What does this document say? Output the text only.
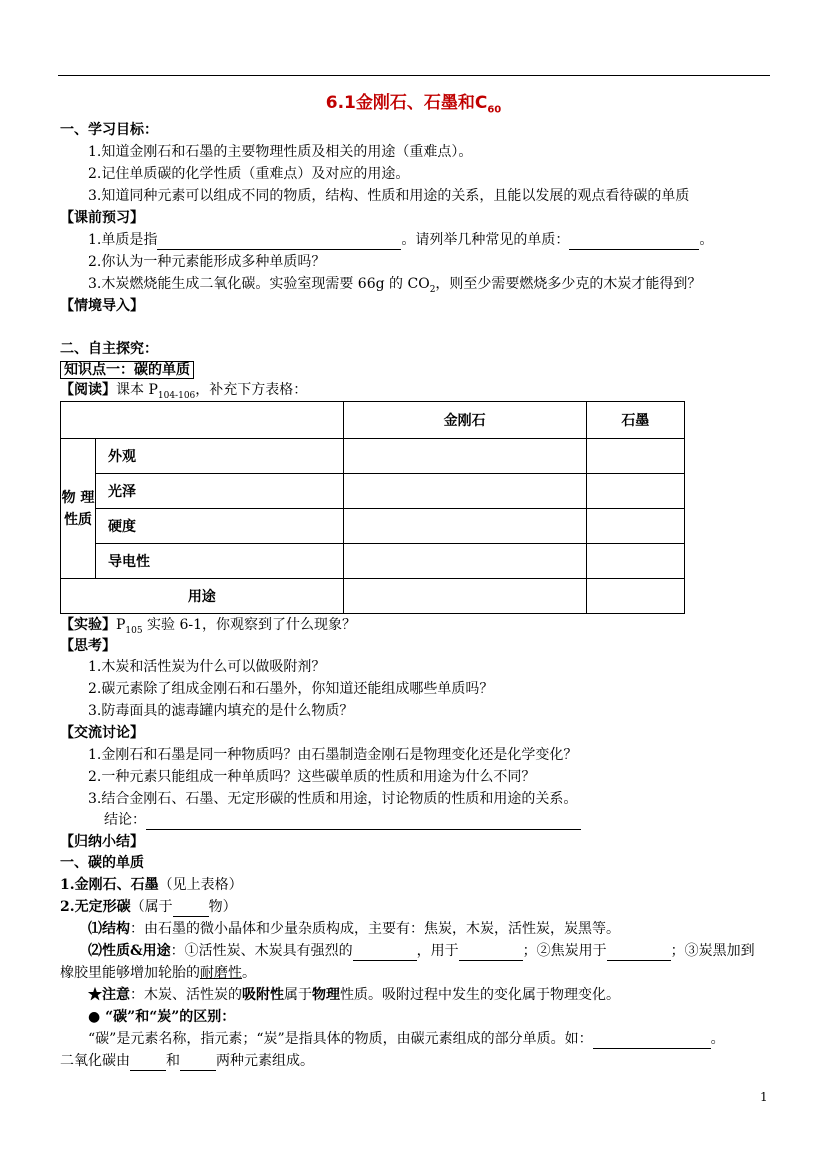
6.1金刚石、石墨和$C_{60}$
一、学习目标：
1.知道金刚石和石墨的主要物理性质及相关的用途（重难点）。
2.记住单质碳的化学性质（重难点）及对应的用途。
3.知道同种元素可以组成不同的物质，结构、性质和用途的关系，且能以发展的观点看待碳的单质
【课前预习】
1.单质是指	。请列举几种常见的单质：	。
2.你认为一种元素能形成多种单质吗？
3.木炭燃烧能生成二氧化碳。实验室现需要 66g 的 $CO_2$，则至少需要燃烧多少克的木炭才能得到？
【情境导入】
二、自主探究：
知识点一：碳的单质
【阅读】课本 $P_{104-106}$，补充下方表格：
		金刚石	石墨
物 理性质	外观		
	光泽		
	硬度		
	导电性		
用途			
【实验】$P_{105}$ 实验 6-1，你观察到了什么现象？
【思考】
1.木炭和活性炭为什么可以做吸附剂？
2.碳元素除了组成金刚石和石墨外，你知道还能组成哪些单质吗？
3.防毒面具的滤毒罐内填充的是什么物质？
【交流讨论】
1.金刚石和石墨是同一种物质吗？由石墨制造金刚石是物理变化还是化学变化？
2.一种元素只能组成一种单质吗？这些碳单质的性质和用途为什么不同？
3.结合金刚石、石墨、无定形碳的性质和用途，讨论物质的性质和用途的关系。
结论：
【归纳小结】
一、碳的单质
1.金刚石、石墨（见上表格）
2.无定形碳（属于	物）
⑴结构：由石墨的微小晶体和少量杂质构成，主要有：焦炭，木炭，活性炭，炭黑等。
⑵性质&用途：①活性炭、木炭具有强烈的	，用于	；②焦炭用于	；③炭黑加到
橡胶里能够增加轮胎的耐磨性。
★注意：木炭、活性炭的吸附性属于物理性质。吸附过程中发生的变化属于物理变化。
● “碳”和“炭”的区别：
“碳”是元素名称，指元素；“炭”是指具体的物质，由碳元素组成的部分单质。如：	。
二氧化碳由	和	两种元素组成。
1
